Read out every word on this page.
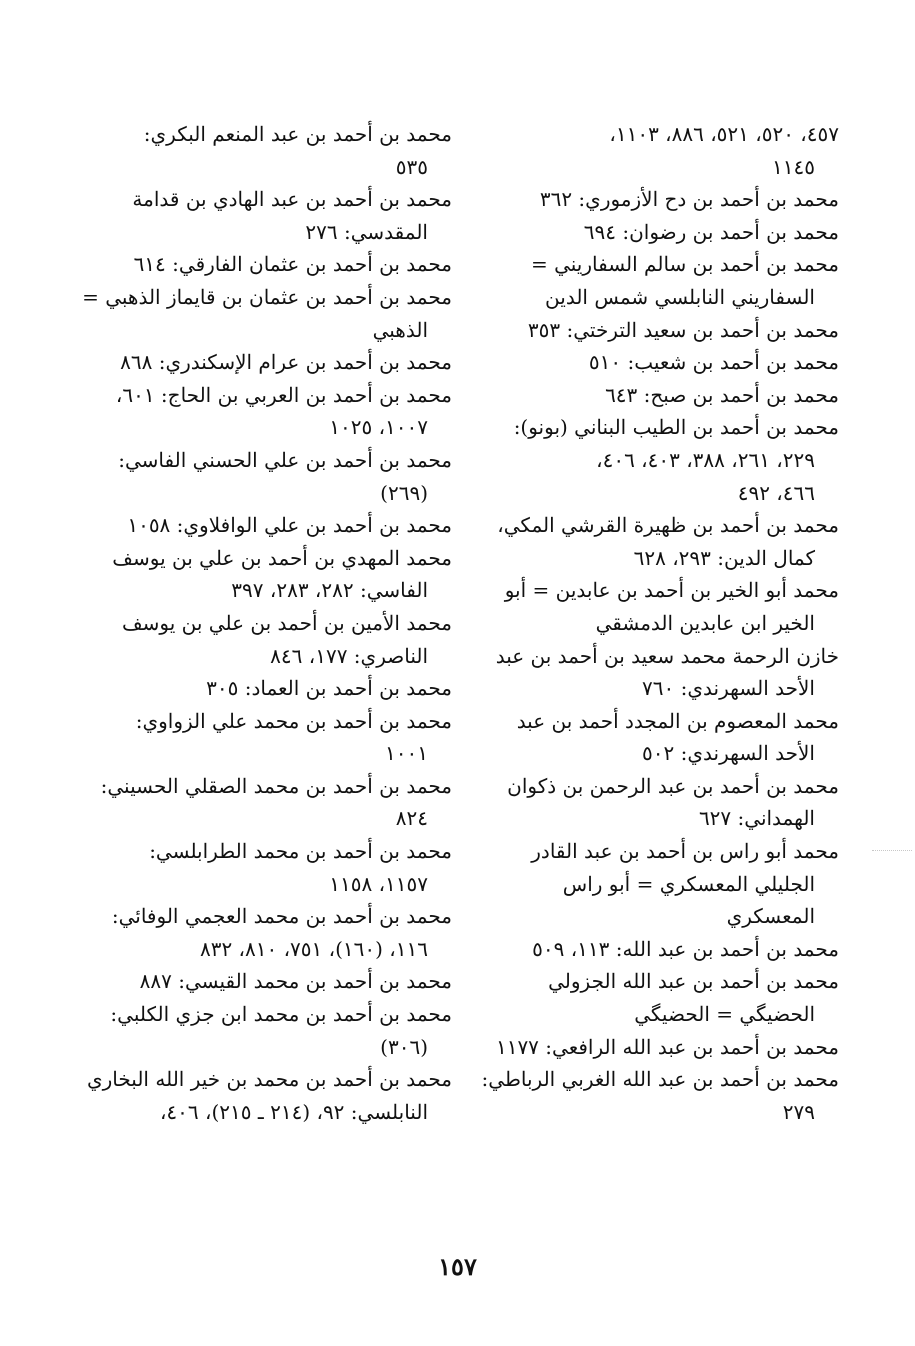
٤٥٧، ٥٢٠، ٥٢١، ٨٨٦، ١١٠٣،
١١٤٥
محمد بن أحمد بن دح الأزموري: ٣٦٢
محمد بن أحمد بن رضوان: ٦٩٤
محمد بن أحمد بن سالم السفاريني =
السفاريني النابلسي شمس الدين
محمد بن أحمد بن سعيد الترختي: ٣٥٣
محمد بن أحمد بن شعيب: ٥١٠
محمد بن أحمد بن صبح: ٦٤٣
محمد بن أحمد بن الطيب البناني (بونو):
٢٢٩، ٢٦١، ٣٨٨، ٤٠٣، ٤٠٦،
٤٦٦، ٤٩٢
محمد بن أحمد بن ظهيرة القرشي المكي،
كمال الدين: ٢٩٣، ٦٢٨
محمد أبو الخير بن أحمد بن عابدين = أبو
الخير ابن عابدين الدمشقي
خازن الرحمة محمد سعيد بن أحمد بن عبد
الأحد السهرندي: ٧٦٠
محمد المعصوم بن المجدد أحمد بن عبد
الأحد السهرندي: ٥٠٢
محمد بن أحمد بن عبد الرحمن بن ذكوان
الهمداني: ٦٢٧
محمد أبو راس بن أحمد بن عبد القادر
الجليلي المعسكري = أبو راس
المعسكري
محمد بن أحمد بن عبد الله: ١١٣، ٥٠٩
محمد بن أحمد بن عبد الله الجزولي
الحضيگي = الحضيگي
محمد بن أحمد بن عبد الله الرافعي: ١١٧٧
محمد بن أحمد بن عبد الله الغربي الرباطي:
٢٧٩
محمد بن أحمد بن عبد المنعم البكري:
٥٣٥
محمد بن أحمد بن عبد الهادي بن قدامة
المقدسي: ٢٧٦
محمد بن أحمد بن عثمان الفارقي: ٦١٤
محمد بن أحمد بن عثمان بن قايماز الذهبي =
الذهبي
محمد بن أحمد بن عرام الإسكندري: ٨٦٨
محمد بن أحمد بن العربي بن الحاج: ٦٠١،
١٠٠٧، ١٠٢٥
محمد بن أحمد بن علي الحسني الفاسي:
(٢٦٩)
محمد بن أحمد بن علي الوافلاوي: ١٠٥٨
محمد المهدي بن أحمد بن علي بن يوسف
الفاسي: ٢٨٢، ٢٨٣، ٣٩٧
محمد الأمين بن أحمد بن علي بن يوسف
الناصري: ١٧٧، ٨٤٦
محمد بن أحمد بن العماد: ٣٠٥
محمد بن أحمد بن محمد علي الزواوي:
١٠٠١
محمد بن أحمد بن محمد الصقلي الحسيني:
٨٢٤
محمد بن أحمد بن محمد الطرابلسي:
١١٥٧، ١١٥٨
محمد بن أحمد بن محمد العجمي الوفائي:
١١٦، (١٦٠)، ٧٥١، ٨١٠، ٨٣٢
محمد بن أحمد بن محمد القيسي: ٨٨٧
محمد بن أحمد بن محمد ابن جزي الكلبي:
(٣٠٦)
محمد بن أحمد بن محمد بن خير الله البخاري
النابلسي: ٩٢، (٢١٤ ـ ٢١٥)، ٤٠٦،
١٥٧
